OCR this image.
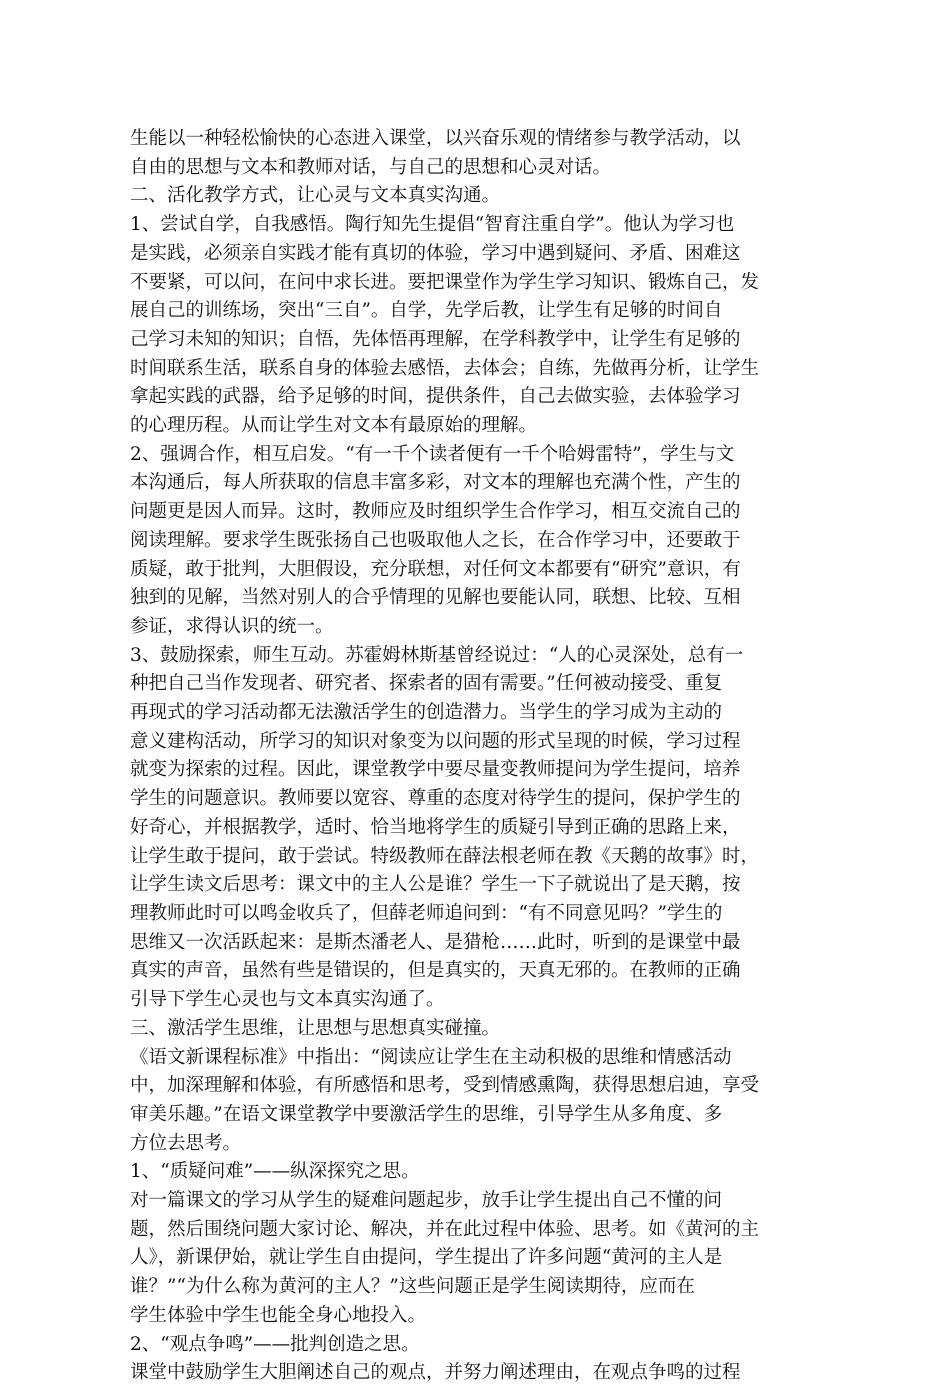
生能以一种轻松愉快的心态进入课堂，以兴奋乐观的情绪参与教学活动，以

自由的思想与文本和教师对话，与自己的思想和心灵对话。

二、活化教学方式，让心灵与文本真实沟通。

1、尝试自学，自我感悟。陶行知先生提倡“智育注重自学”。他认为学习也

是实践，必须亲自实践才能有真切的体验，学习中遇到疑问、矛盾、困难这

不要紧，可以问，在问中求长进。要把课堂作为学生学习知识、锻炼自己，发

展自己的训练场，突出“三自”。自学，先学后教，让学生有足够的时间自

己学习未知的知识；自悟，先体悟再理解，在学科教学中，让学生有足够的

时间联系生活，联系自身的体验去感悟，去体会；自练，先做再分析，让学生

拿起实践的武器，给予足够的时间，提供条件，自己去做实验，去体验学习

的心理历程。从而让学生对文本有最原始的理解。

2、强调合作，相互启发。“有一千个读者便有一千个哈姆雷特”，学生与文

本沟通后，每人所获取的信息丰富多彩，对文本的理解也充满个性，产生的

问题更是因人而异。这时，教师应及时组织学生合作学习，相互交流自己的

阅读理解。要求学生既张扬自己也吸取他人之长，在合作学习中，还要敢于

质疑，敢于批判，大胆假设，充分联想，对任何文本都要有“研究”意识，有

独到的见解，当然对别人的合乎情理的见解也要能认同，联想、比较、互相

参证，求得认识的统一。

3、鼓励探索，师生互动。苏霍姆林斯基曾经说过：“人的心灵深处，总有一

种把自己当作发现者、研究者、探索者的固有需要。”任何被动接受、重复

再现式的学习活动都无法激活学生的创造潜力。当学生的学习成为主动的

意义建构活动，所学习的知识对象变为以问题的形式呈现的时候，学习过程

就变为探索的过程。因此，课堂教学中要尽量变教师提问为学生提问，培养

学生的问题意识。教师要以宽容、尊重的态度对待学生的提问，保护学生的

好奇心，并根据教学，适时、恰当地将学生的质疑引导到正确的思路上来，

让学生敢于提问，敢于尝试。特级教师在薛法根老师在教《天鹅的故事》时，

让学生读文后思考：课文中的主人公是谁？学生一下子就说出了是天鹅，按

理教师此时可以鸣金收兵了，但薛老师追问到：“有不同意见吗？”学生的

思维又一次活跃起来：是斯杰潘老人、是猎枪……此时，听到的是课堂中最

真实的声音，虽然有些是错误的，但是真实的，天真无邪的。在教师的正确

引导下学生心灵也与文本真实沟通了。

三、激活学生思维，让思想与思想真实碰撞。

《语文新课程标准》中指出：“阅读应让学生在主动积极的思维和情感活动

中，加深理解和体验，有所感悟和思考，受到情感熏陶，获得思想启迪，享受

审美乐趣。”在语文课堂教学中要激活学生的思维，引导学生从多角度、多

方位去思考。

1、“质疑问难”——纵深探究之思。

对一篇课文的学习从学生的疑难问题起步，放手让学生提出自己不懂的问

题，然后围绕问题大家讨论、解决，并在此过程中体验、思考。如《黄河的主

人》，新课伊始，就让学生自由提问，学生提出了许多问题“黄河的主人是

谁？”“为什么称为黄河的主人？”这些问题正是学生阅读期待，应而在

学生体验中学生也能全身心地投入。

2、“观点争鸣”——批判创造之思。

课堂中鼓励学生大胆阐述自己的观点，并努力阐述理由，在观点争鸣的过程
